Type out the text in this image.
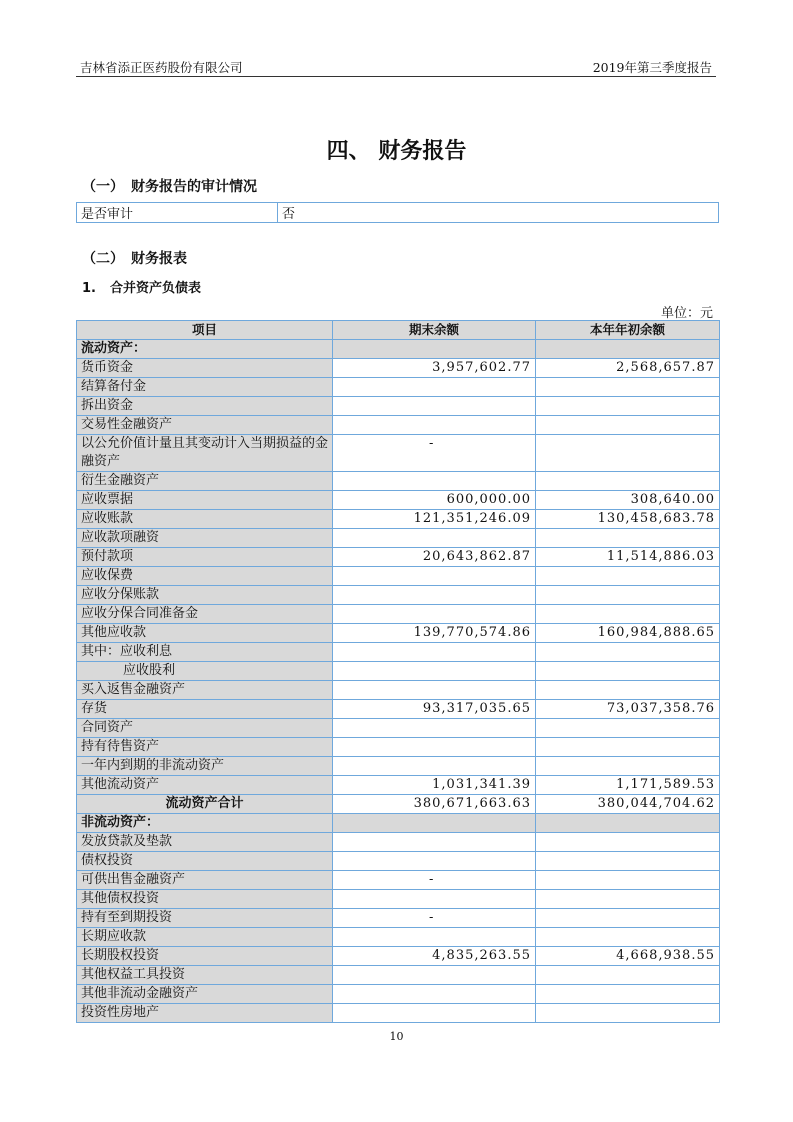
吉林省添正医药股份有限公司	2019年第三季度报告
四、 财务报告
（一）　财务报告的审计情况
是否审计	否
（二）　财务报表
1. 合并资产负债表
单位：元
项目	期末余额	本年年初余额
流动资产：		
货币资金	3,957,602.77	2,568,657.87
结算备付金		
拆出资金		
交易性金融资产		
以公允价值计量且其变动计入当期损益的金融资产	-	
衍生金融资产		
应收票据	600,000.00	308,640.00
应收账款	121,351,246.09	130,458,683.78
应收款项融资		
预付款项	20,643,862.87	11,514,886.03
应收保费		
应收分保账款		
应收分保合同准备金		
其他应收款	139,770,574.86	160,984,888.65
其中：应收利息		
应收股利		
买入返售金融资产		
存货	93,317,035.65	73,037,358.76
合同资产		
持有待售资产		
一年内到期的非流动资产		
其他流动资产	1,031,341.39	1,171,589.53
流动资产合计	380,671,663.63	380,044,704.62
非流动资产：		
发放贷款及垫款		
债权投资		
可供出售金融资产	-	
其他债权投资		
持有至到期投资	-	
长期应收款		
长期股权投资	4,835,263.55	4,668,938.55
其他权益工具投资		
其他非流动金融资产		
投资性房地产		
10
